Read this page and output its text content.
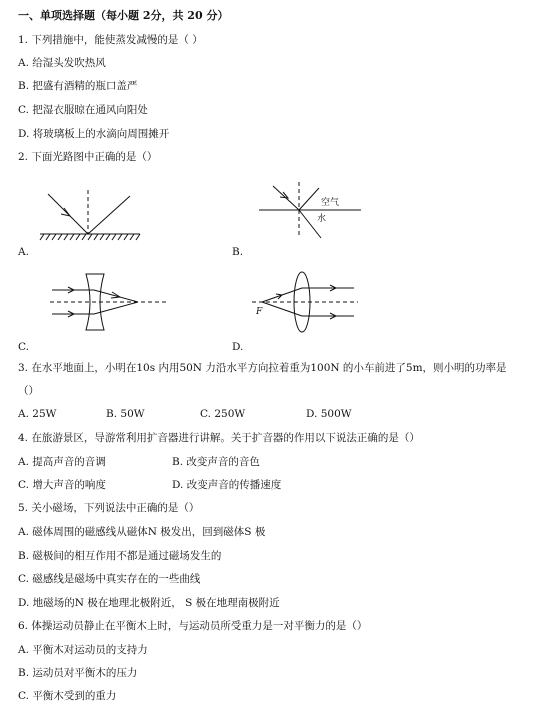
一、单项选择题（每小题 2分，共 20 分）
1. 下列措施中，能使蒸发减慢的是（ ）
A. 给湿头发吹热风
B. 把盛有酒精的瓶口盖严
C. 把湿衣服晾在通风向阳处
D. 将玻璃板上的水滴向周围摊开
2. 下面光路图中正确的是（）
A.
空气
水
B.
C.
F
D.
3. 在水平地面上，小明在10s 内用50N 力沿水平方向拉着重为100N 的小车前进了5m，则小明的功率是
（）
A. 25W	B. 50W	C. 250W	D. 500W
4. 在旅游景区，导游常利用扩音器进行讲解。关于扩音器的作用以下说法正确的是（）
A. 提高声音的音调	B. 改变声音的音色
C. 增大声音的响度	D. 改变声音的传播速度
5. 关小磁场，下列说法中正确的是（）
A. 磁体周围的磁感线从磁体N 极发出，回到磁体S 极
B. 磁极间的相互作用不都是通过磁场发生的
C. 磁感线是磁场中真实存在的一些曲线
D. 地磁场的N 极在地理北极附近， S 极在地理南极附近
6. 体操运动员静止在平衡木上时，与运动员所受重力是一对平衡力的是（）
A. 平衡木对运动员的支持力
B. 运动员对平衡木的压力
C. 平衡木受到的重力
